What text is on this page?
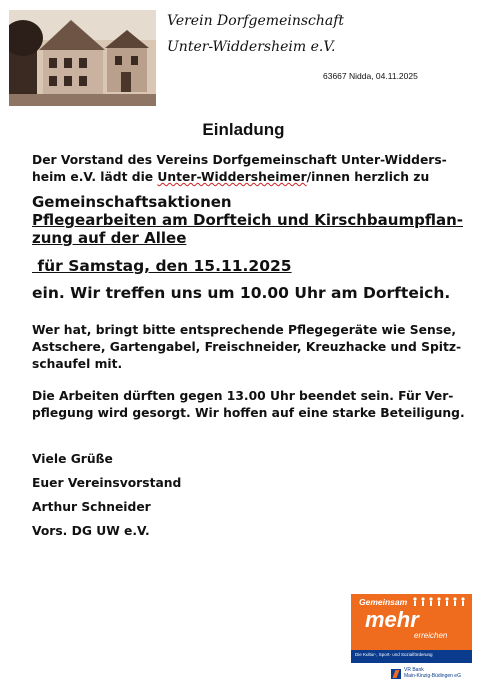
Verein Dorfgemeinschaft
Unter-Widdersheim e.V.
63667 Nidda, 04.11.2025
Einladung
Der Vorstand des Vereins Dorfgemeinschaft Unter-Widders-
heim e.V. lädt die Unter-Widdersheimer/innen herzlich zu
Gemeinschaftsaktionen
Pflegearbeiten am Dorfteich und Kirschbaumpflan-
zung auf der Allee
für Samstag, den 15.11.2025
ein. Wir treffen uns um 10.00 Uhr am Dorfteich.
Wer hat, bringt bitte entsprechende Pflegegeräte wie Sense,
Astschere, Gartengabel, Freischneider, Kreuzhacke und Spitz-
schaufel mit.
Die Arbeiten dürften gegen 13.00 Uhr beendet sein. Für Ver-
pflegung wird gesorgt. Wir hoffen auf eine starke Beteiligung.
Viele Grüße
Euer Vereinsvorstand
Arthur Schneider
Vors. DG UW e.V.
Gemeinsam
mehr
erreichen
Die Kultur-, Sport- und Sozialförderung
VR Bank
Main-Kinzig-Büdingen eG
